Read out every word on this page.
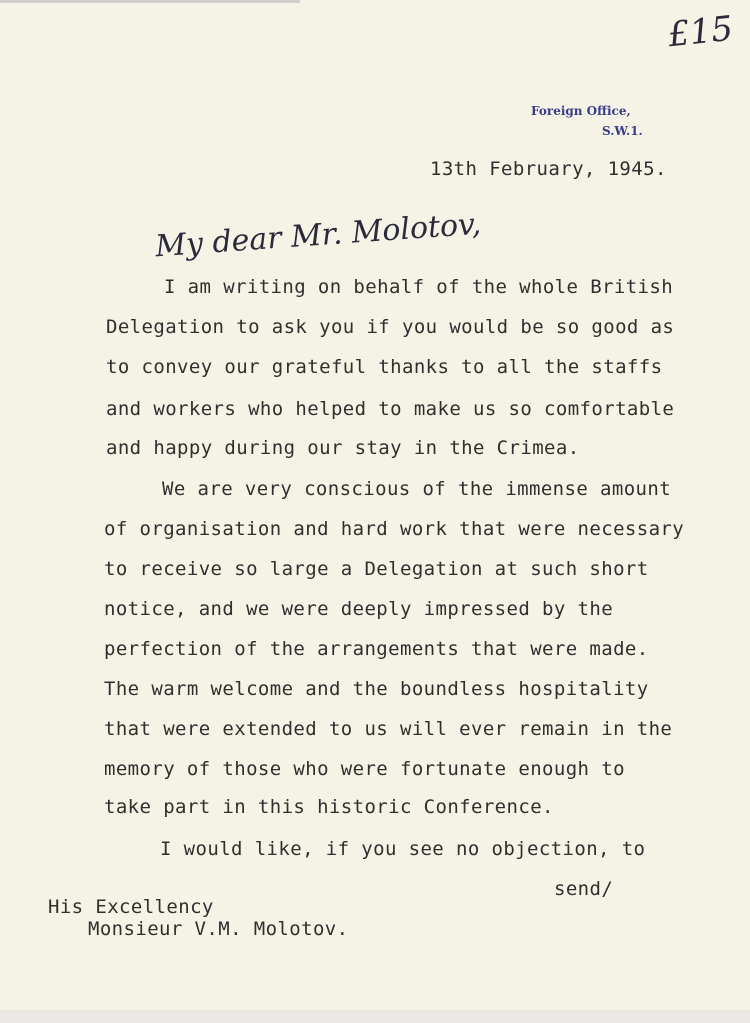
£15
Foreign Office,
S.W.1.
13th February, 1945.
My dear Mr. Molotov,
I am writing on behalf of the whole British
Delegation to ask you if you would be so good as
to convey our grateful thanks to all the staffs
and workers who helped to make us so comfortable
and happy during our stay in the Crimea.
We are very conscious of the immense amount
of organisation and hard work that were necessary
to receive so large a Delegation at such short
notice, and we were deeply impressed by the
perfection of the arrangements that were made.
The warm welcome and the boundless hospitality
that were extended to us will ever remain in the
memory of those who were fortunate enough to
take part in this historic Conference.
I would like, if you see no objection, to
send/
His Excellency
Monsieur V.M. Molotov.
